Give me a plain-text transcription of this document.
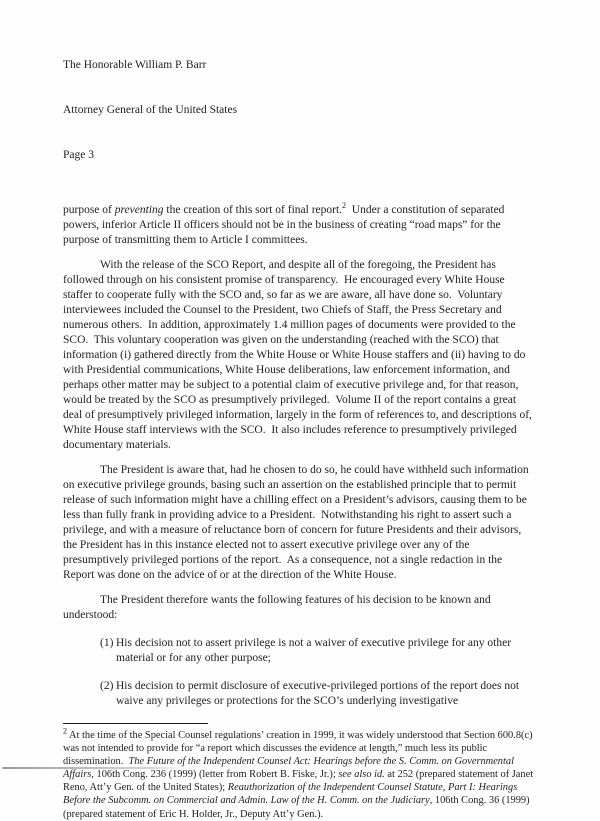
The Honorable William P. Barr

Attorney General of the United States

Page 3

purpose of preventing the creation of this sort of final report.$^2$  Under a constitution of separated powers, inferior Article II officers should not be in the business of creating “road maps” for the purpose of transmitting them to Article I committees.

With the release of the SCO Report, and despite all of the foregoing, the President has followed through on his consistent promise of transparency.  He encouraged every White House staffer to cooperate fully with the SCO and, so far as we are aware, all have done so.  Voluntary interviewees included the Counsel to the President, two Chiefs of Staff, the Press Secretary and numerous others.  In addition, approximately 1.4 million pages of documents were provided to the SCO.  This voluntary cooperation was given on the understanding (reached with the SCO) that information (i) gathered directly from the White House or White House staffers and (ii) having to do with Presidential communications, White House deliberations, law enforcement information, and perhaps other matter may be subject to a potential claim of executive privilege and, for that reason, would be treated by the SCO as presumptively privileged.  Volume II of the report contains a great deal of presumptively privileged information, largely in the form of references to, and descriptions of, White House staff interviews with the SCO.  It also includes reference to presumptively privileged documentary materials.

The President is aware that, had he chosen to do so, he could have withheld such information on executive privilege grounds, basing such an assertion on the established principle that to permit release of such information might have a chilling effect on a President’s advisors, causing them to be less than fully frank in providing advice to a President.  Notwithstanding his right to assert such a privilege, and with a measure of reluctance born of concern for future Presidents and their advisors, the President has in this instance elected not to assert executive privilege over any of the presumptively privileged portions of the report.  As a consequence, not a single redaction in the Report was done on the advice of or at the direction of the White House.

The President therefore wants the following features of his decision to be known and understood:

(1) His decision not to assert privilege is not a waiver of executive privilege for any other material or for any other purpose;
(2) His decision to permit disclosure of executive-privileged portions of the report does not waive any privileges or protections for the SCO’s underlying investigative

$^2$ At the time of the Special Counsel regulations’ creation in 1999, it was widely understood that Section 600.8(c) was not intended to provide for “a report which discusses the evidence at length,” much less its public dissemination.  The Future of the Independent Counsel Act: Hearings before the S. Comm. on Governmental Affairs, 106th Cong. 236 (1999) (letter from Robert B. Fiske, Jr.); see also id. at 252 (prepared statement of Janet Reno, Att’y Gen. of the United States); Reauthorization of the Independent Counsel Statute, Part I: Hearings Before the Subcomm. on Commercial and Admin. Law of the H. Comm. on the Judiciary, 106th Cong. 36 (1999) (prepared statement of Eric H. Holder, Jr., Deputy Att’y Gen.).
